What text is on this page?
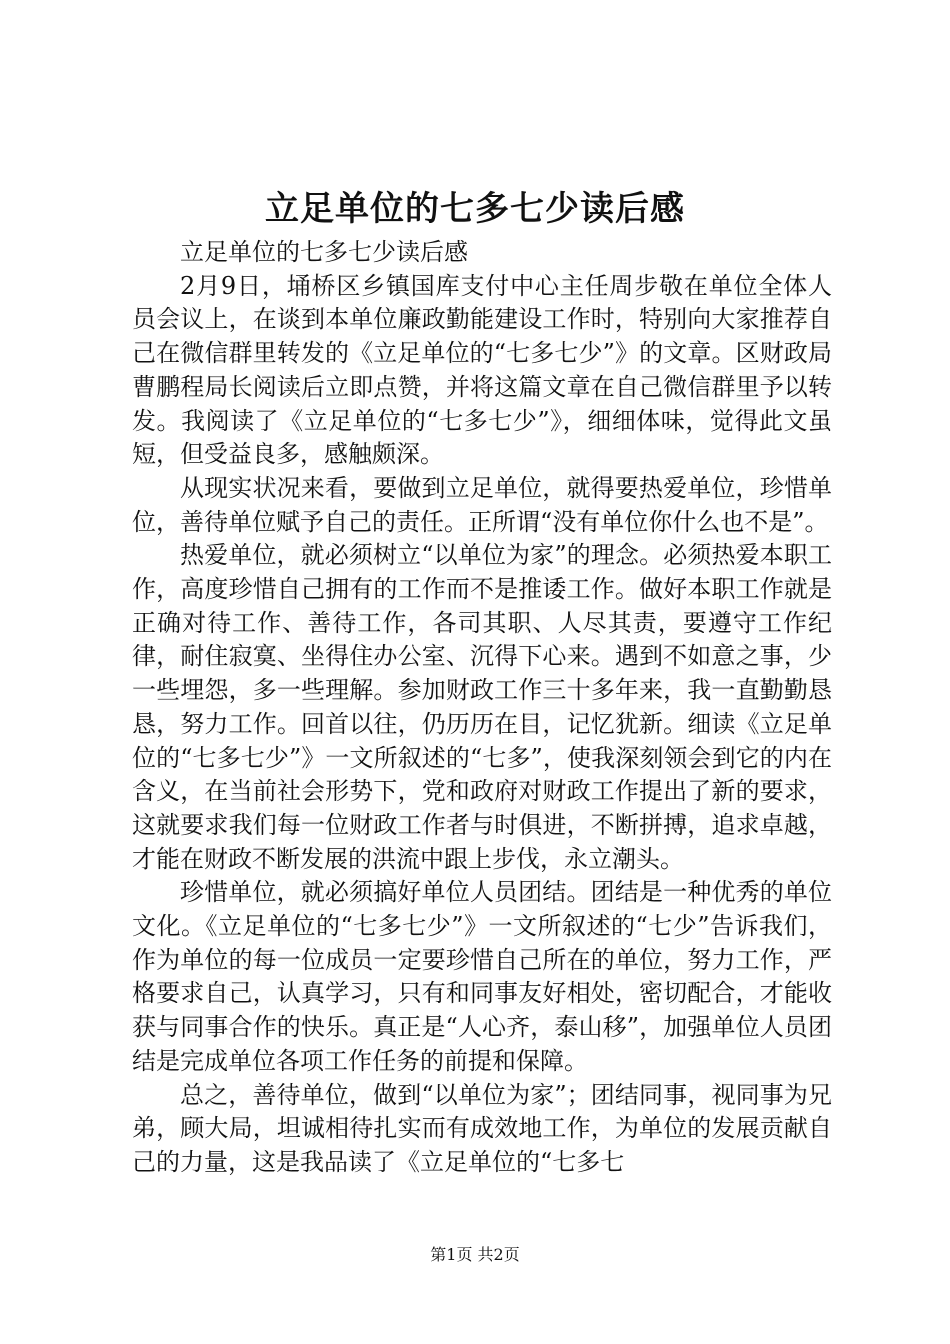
立足单位的七多七少读后感

立足单位的七多七少读后感

2月9日，埇桥区乡镇国库支付中心主任周步敬在单位全体人员会议上，在谈到本单位廉政勤能建设工作时，特别向大家推荐自己在微信群里转发的《立足单位的“七多七少”》的文章。区财政局曹鹏程局长阅读后立即点赞，并将这篇文章在自己微信群里予以转发。我阅读了《立足单位的“七多七少”》，细细体味，觉得此文虽短，但受益良多，感触颇深。

从现实状况来看，要做到立足单位，就得要热爱单位，珍惜单位，善待单位赋予自己的责任。正所谓“没有单位你什么也不是”。

热爱单位，就必须树立“以单位为家”的理念。必须热爱本职工作，高度珍惜自己拥有的工作而不是推诿工作。做好本职工作就是正确对待工作、善待工作，各司其职、人尽其责，要遵守工作纪律，耐住寂寞、坐得住办公室、沉得下心来。遇到不如意之事，少一些埋怨，多一些理解。参加财政工作三十多年来，我一直勤勤恳恳，努力工作。回首以往，仍历历在目，记忆犹新。细读《立足单位的“七多七少”》一文所叙述的“七多”，使我深刻领会到它的内在含义，在当前社会形势下，党和政府对财政工作提出了新的要求，这就要求我们每一位财政工作者与时俱进，不断拼搏，追求卓越，才能在财政不断发展的洪流中跟上步伐，永立潮头。

珍惜单位，就必须搞好单位人员团结。团结是一种优秀的单位文化。《立足单位的“七多七少”》一文所叙述的“七少”告诉我们，作为单位的每一位成员一定要珍惜自己所在的单位，努力工作，严格要求自己，认真学习，只有和同事友好相处，密切配合，才能收获与同事合作的快乐。真正是“人心齐，泰山移”，加强单位人员团结是完成单位各项工作任务的前提和保障。

总之，善待单位，做到“以单位为家”；团结同事，视同事为兄弟，顾大局，坦诚相待扎实而有成效地工作，为单位的发展贡献自己的力量，这是我品读了《立足单位的“七多七

第1页 共2页
